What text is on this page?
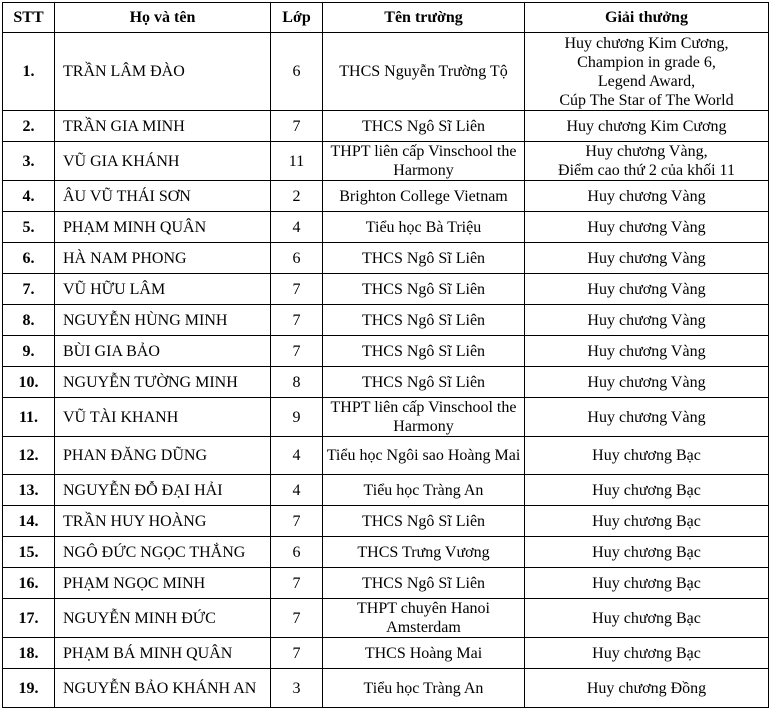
STT	Họ và tên	Lớp	Tên trường	Giải thưởng
1.	TRẦN LÂM ĐÀO	6	THCS Nguyễn Trường Tộ	Huy chương Kim Cương,
Champion in grade 6,
Legend Award,
Cúp The Star of The World

2.	TRẦN GIA MINH	7	THCS Ngô Sĩ Liên	Huy chương Kim Cương

3.	VŨ GIA KHÁNH	11	THPT liên cấp Vinschool the Harmony	Huy chương Vàng,
Điểm cao thứ 2 của khối 11

4.	ÂU VŨ THÁI SƠN	2	Brighton College Vietnam	Huy chương Vàng

5.	PHẠM MINH QUÂN	4	Tiểu học Bà Triệu	Huy chương Vàng

6.	HÀ NAM PHONG	6	THCS Ngô Sĩ Liên	Huy chương Vàng

7.	VŨ HỮU LÂM	7	THCS Ngô Sĩ Liên	Huy chương Vàng

8.	NGUYỄN HÙNG MINH	7	THCS Ngô Sĩ Liên	Huy chương Vàng

9.	BÙI GIA BẢO	7	THCS Ngô Sĩ Liên	Huy chương Vàng

10.	NGUYỄN TƯỜNG MINH	8	THCS Ngô Sĩ Liên	Huy chương Vàng

11.	VŨ TÀI KHANH	9	THPT liên cấp Vinschool the Harmony	Huy chương Vàng

12.	PHAN ĐĂNG DŨNG	4	Tiểu học Ngôi sao Hoàng Mai	Huy chương Bạc

13.	NGUYỄN ĐỖ ĐẠI HẢI	4	Tiểu học Tràng An	Huy chương Bạc

14.	TRẦN HUY HOÀNG	7	THCS Ngô Sĩ Liên	Huy chương Bạc

15.	NGÔ ĐỨC NGỌC THẮNG	6	THCS Trưng Vương	Huy chương Bạc

16.	PHẠM NGỌC MINH	7	THCS Ngô Sĩ Liên	Huy chương Bạc

17.	NGUYỄN MINH ĐỨC	7	THPT chuyên Hanoi Amsterdam	Huy chương Bạc

18.	PHẠM BÁ MINH QUÂN	7	THCS Hoàng Mai	Huy chương Bạc

19.	NGUYỄN BẢO KHÁNH AN	3	Tiểu học Tràng An	Huy chương Đồng
